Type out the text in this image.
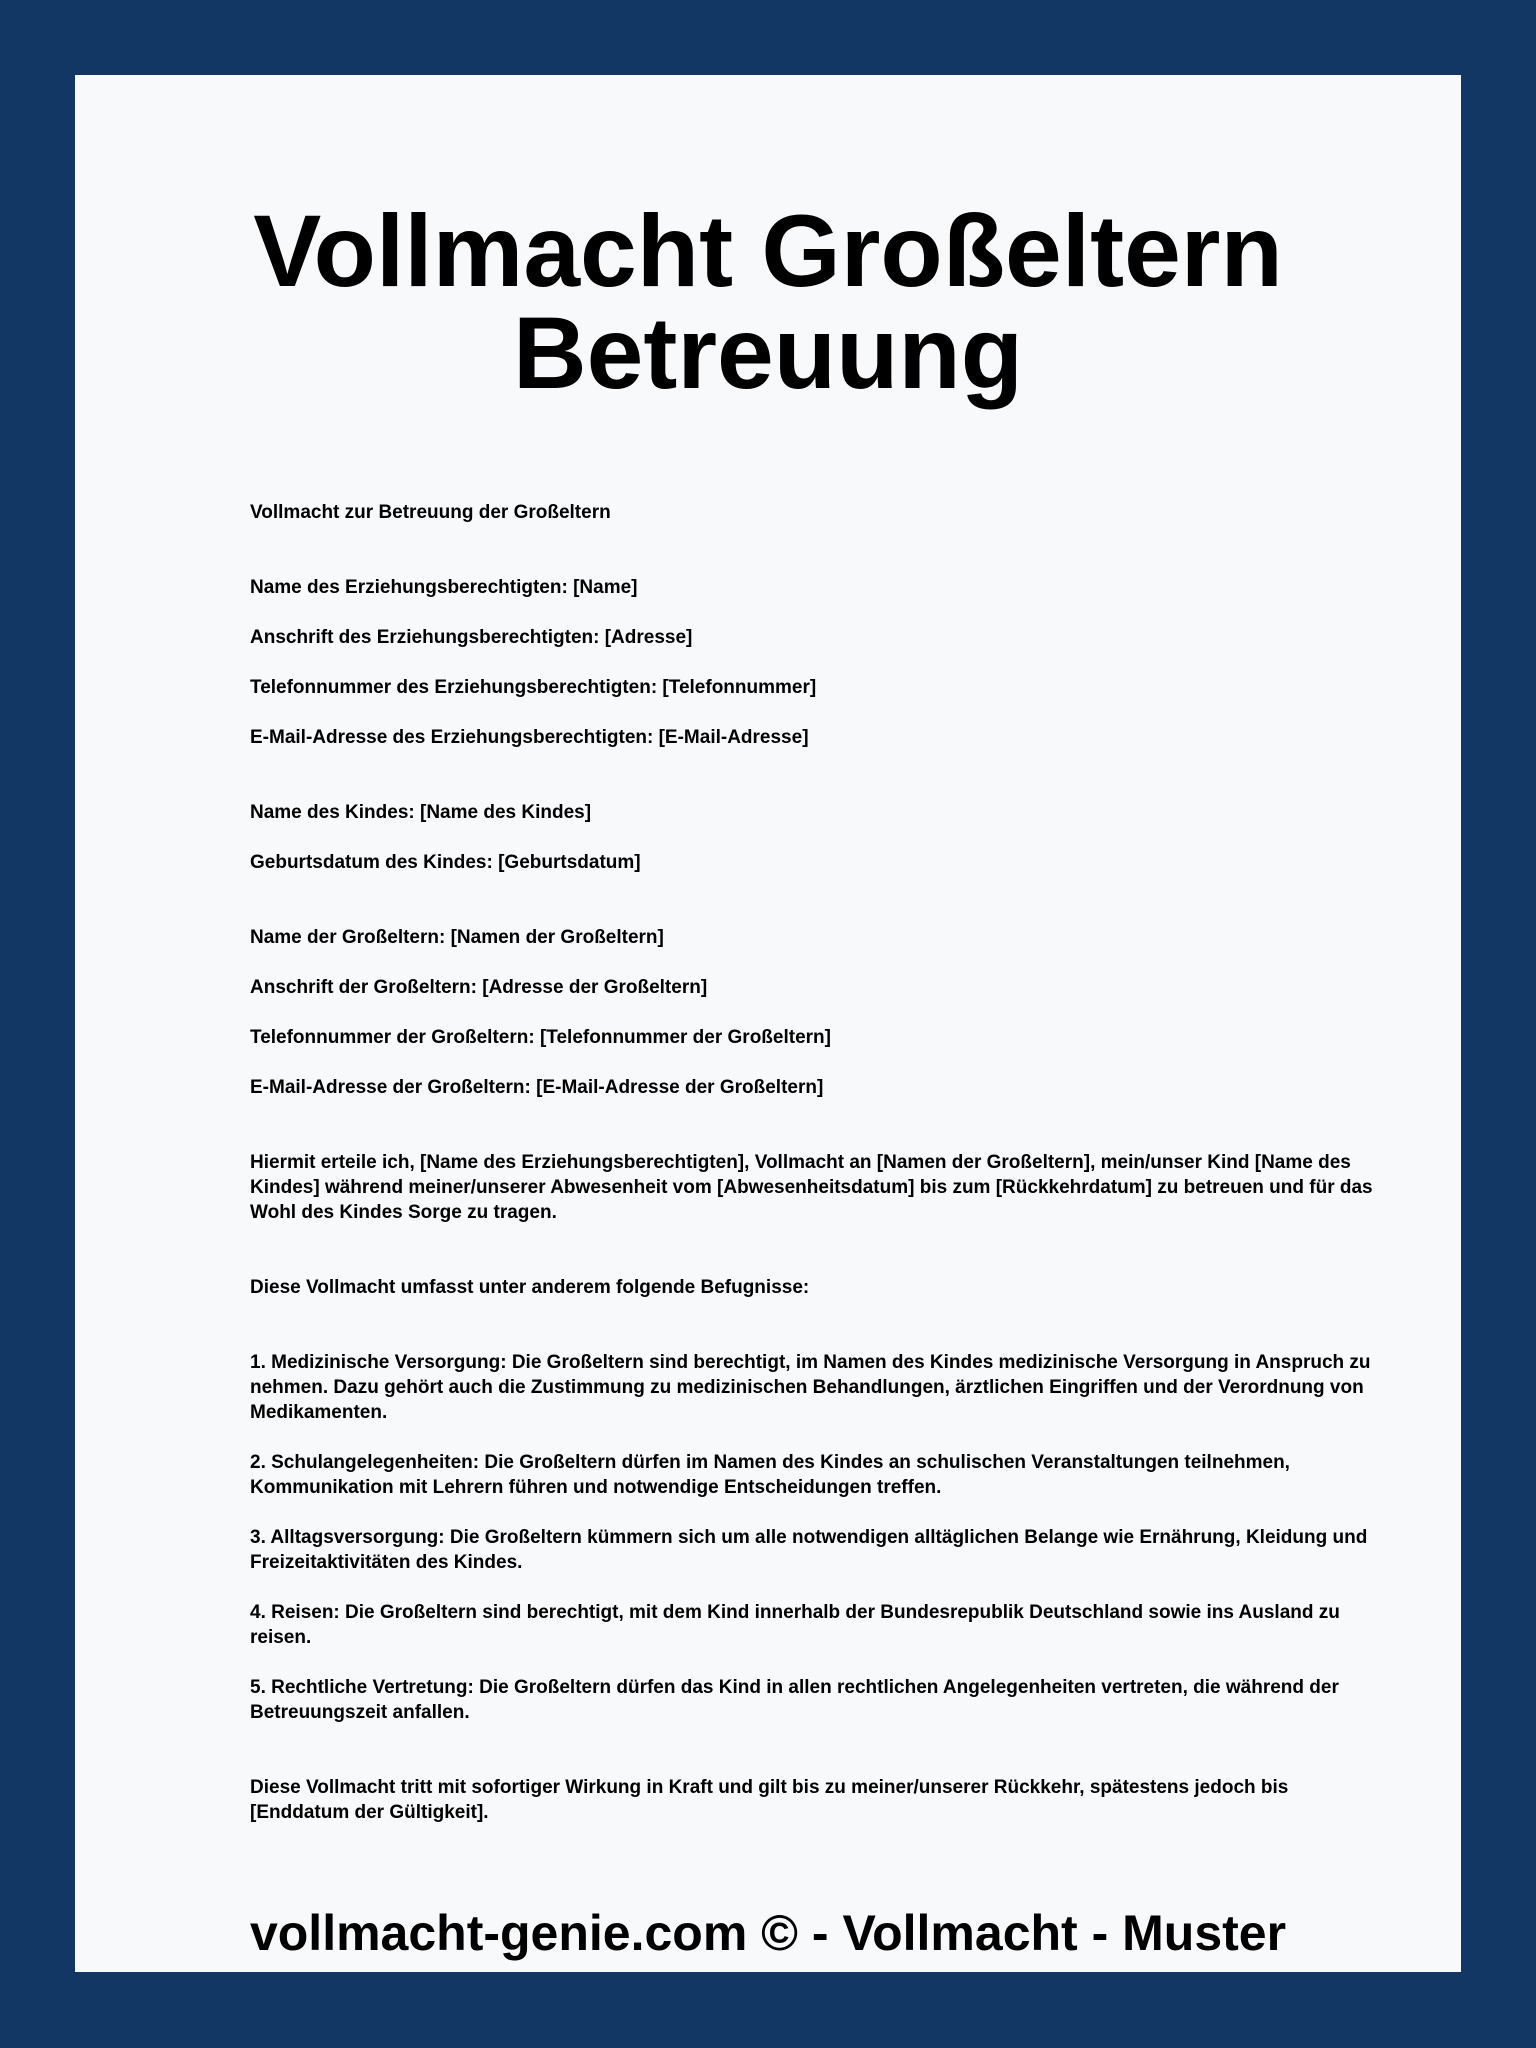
Vollmacht Großeltern
Betreuung

Vollmacht zur Betreuung der Großeltern

Name des Erziehungsberechtigten: [Name]

Anschrift des Erziehungsberechtigten: [Adresse]

Telefonnummer des Erziehungsberechtigten: [Telefonnummer]

E-Mail-Adresse des Erziehungsberechtigten: [E-Mail-Adresse]

Name des Kindes: [Name des Kindes]

Geburtsdatum des Kindes: [Geburtsdatum]

Name der Großeltern: [Namen der Großeltern]

Anschrift der Großeltern: [Adresse der Großeltern]

Telefonnummer der Großeltern: [Telefonnummer der Großeltern]

E-Mail-Adresse der Großeltern: [E-Mail-Adresse der Großeltern]

Hiermit erteile ich, [Name des Erziehungsberechtigten], Vollmacht an [Namen der Großeltern], mein/unser Kind [Name des Kindes] während meiner/unserer Abwesenheit vom [Abwesenheitsdatum] bis zum [Rückkehrdatum] zu betreuen und für das Wohl des Kindes Sorge zu tragen.

Diese Vollmacht umfasst unter anderem folgende Befugnisse:

1. Medizinische Versorgung: Die Großeltern sind berechtigt, im Namen des Kindes medizinische Versorgung in Anspruch zu nehmen. Dazu gehört auch die Zustimmung zu medizinischen Behandlungen, ärztlichen Eingriffen und der Verordnung von Medikamenten.

2. Schulangelegenheiten: Die Großeltern dürfen im Namen des Kindes an schulischen Veranstaltungen teilnehmen, Kommunikation mit Lehrern führen und notwendige Entscheidungen treffen.

3. Alltagsversorgung: Die Großeltern kümmern sich um alle notwendigen alltäglichen Belange wie Ernährung, Kleidung und Freizeitaktivitäten des Kindes.

4. Reisen: Die Großeltern sind berechtigt, mit dem Kind innerhalb der Bundesrepublik Deutschland sowie ins Ausland zu reisen.

5. Rechtliche Vertretung: Die Großeltern dürfen das Kind in allen rechtlichen Angelegenheiten vertreten, die während der Betreuungszeit anfallen.

Diese Vollmacht tritt mit sofortiger Wirkung in Kraft und gilt bis zu meiner/unserer Rückkehr, spätestens jedoch bis [Enddatum der Gültigkeit].

vollmacht-genie.com © - Vollmacht - Muster
